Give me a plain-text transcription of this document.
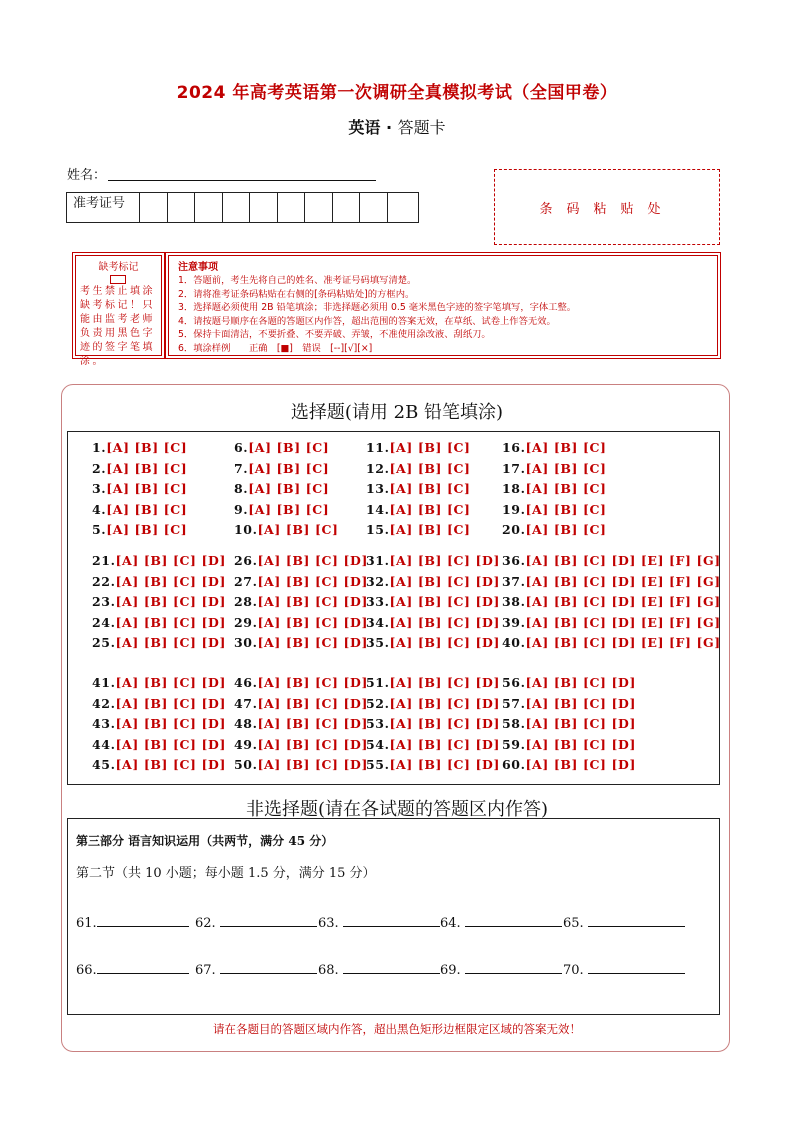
2024 年高考英语第一次调研全真模拟考试（全国甲卷）
英语 · 答题卡
姓名：
准考证号	条码粘贴处
缺考标记
考生禁止填涂缺考标记！只能由监考老师负责用黑色字迹的签字笔填涂。
注意事项
1．答题前，考生先将自己的姓名、准考证号码填写清楚。
2．请将准考证条码粘贴在右侧的[条码粘贴处]的方框内。
3．选择题必须使用 2B 铅笔填涂；非选择题必须用 0.5 毫米黑色字迹的签字笔填写，字体工整。
4．请按题号顺序在各题的答题区内作答，超出范围的答案无效，在草纸、试卷上作答无效。
5．保持卡面清洁，不要折叠、不要弄破、弄皱，不准使用涂改液、刮纸刀。
6．填涂样例　　正确　[■]　错误　[--][√][×]
选择题(请用 2B 铅笔填涂)
1.[A] [B] [C]
2.[A] [B] [C]
3.[A] [B] [C]
4.[A] [B] [C]
5.[A] [B] [C]
6.[A] [B] [C]
7.[A] [B] [C]
8.[A] [B] [C]
9.[A] [B] [C]
10.[A] [B] [C]
11.[A] [B] [C]
12.[A] [B] [C]
13.[A] [B] [C]
14.[A] [B] [C]
15.[A] [B] [C]
16.[A] [B] [C]
17.[A] [B] [C]
18.[A] [B] [C]
19.[A] [B] [C]
20.[A] [B] [C]
21.[A] [B] [C] [D]
22.[A] [B] [C] [D]
23.[A] [B] [C] [D]
24.[A] [B] [C] [D]
25.[A] [B] [C] [D]
26.[A] [B] [C] [D]
27.[A] [B] [C] [D]
28.[A] [B] [C] [D]
29.[A] [B] [C] [D]
30.[A] [B] [C] [D]
31.[A] [B] [C] [D]
32.[A] [B] [C] [D]
33.[A] [B] [C] [D]
34.[A] [B] [C] [D]
35.[A] [B] [C] [D]
36.[A] [B] [C] [D] [E] [F] [G]
37.[A] [B] [C] [D] [E] [F] [G]
38.[A] [B] [C] [D] [E] [F] [G]
39.[A] [B] [C] [D] [E] [F] [G]
40.[A] [B] [C] [D] [E] [F] [G]
41.[A] [B] [C] [D]
42.[A] [B] [C] [D]
43.[A] [B] [C] [D]
44.[A] [B] [C] [D]
45.[A] [B] [C] [D]
46.[A] [B] [C] [D]
47.[A] [B] [C] [D]
48.[A] [B] [C] [D]
49.[A] [B] [C] [D]
50.[A] [B] [C] [D]
51.[A] [B] [C] [D]
52.[A] [B] [C] [D]
53.[A] [B] [C] [D]
54.[A] [B] [C] [D]
55.[A] [B] [C] [D]
56.[A] [B] [C] [D]
57.[A] [B] [C] [D]
58.[A] [B] [C] [D]
59.[A] [B] [C] [D]
60.[A] [B] [C] [D]
非选择题(请在各试题的答题区内作答)
第三部分 语言知识运用（共两节，满分 45 分）
第二节（共 10 小题；每小题 1.5 分，满分 15 分）
61.	62.	63.	64.	65.
66.	67.	68.	69.	70.
请在各题目的答题区域内作答，超出黑色矩形边框限定区域的答案无效！
